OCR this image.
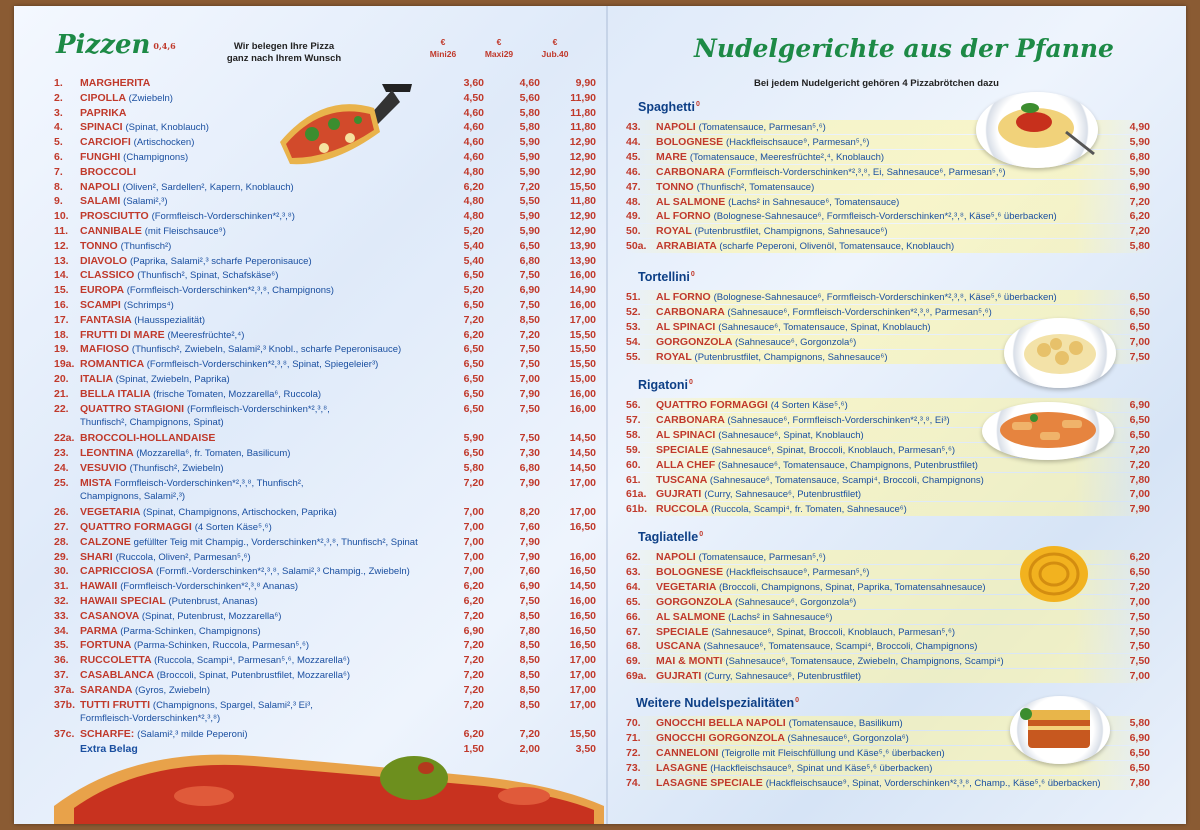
Pizzen 0,4,6	Wir belegen Ihre Pizza
ganz nach Ihrem Wunsch
€
Mini26
€
Maxi29
€
Jub.40
1. MARGHERITA	3,60	4,60	9,90
2. CIPOLLA (Zwiebeln)	4,50	5,60	11,90
3. PAPRIKA	4,60	5,80	11,80
4. SPINACI (Spinat, Knoblauch)	4,60	5,80	11,80
5. CARCIOFI (Artischocken)	4,60	5,90	12,90
6. FUNGHI (Champignons)	4,60	5,90	12,90
7. BROCCOLI	4,80	5,90	12,90
8. NAPOLI (Oliven², Sardellen², Kapern, Knoblauch)	6,20	7,20	15,50
9. SALAMI (Salami²,³)	4,80	5,50	11,80
10. PROSCIUTTO (Formfleisch-Vorderschinken*²,³,⁸)	4,80	5,90	12,90
11. CANNIBALE (mit Fleischsauce⁹)	5,20	5,90	12,90
12. TONNO (Thunfisch²)	5,40	6,50	13,90
13. DIAVOLO (Paprika, Salami²,³ scharfe Peperonisauce)	5,40	6,80	13,90
14. CLASSICO (Thunfisch², Spinat, Schafskäse⁶)	6,50	7,50	16,00
15. EUROPA (Formfleisch-Vorderschinken*²,³,⁸, Champignons)	5,20	6,90	14,90
16. SCAMPI (Schrimps⁴)	6,50	7,50	16,00
17. FANTASIA (Hausspezialität)	7,20	8,50	17,00
18. FRUTTI DI MARE (Meeresfrüchte²,⁴)	6,20	7,20	15,50
19. MAFIOSO (Thunfisch², Zwiebeln, Salami²,³ Knobl., scharfe Peperonisauce)	6,50	7,50	15,50
19a. ROMANTICA (Formfleisch-Vorderschinken*²,³,⁸, Spinat, Spiegeleier³)	6,50	7,50	15,50
20. ITALIA (Spinat, Zwiebeln, Paprika)	6,50	7,00	15,00
21. BELLA ITALIA (frische Tomaten, Mozzarella⁶, Ruccola)	6,50	7,90	16,00
22. QUATTRO STAGIONI (Formfleisch-Vorderschinken*²,³,⁸,	6,50	7,50	16,00
Thunfisch², Champignons, Spinat)
22a. BROCCOLI-HOLLANDAISE	5,90	7,50	14,50
23. LEONTINA (Mozzarella⁶, fr. Tomaten, Basilicum)	6,50	7,30	14,50
24. VESUVIO (Thunfisch², Zwiebeln)	5,80	6,80	14,50
25. MISTA Formfleisch-Vorderschinken*²,³,⁸, Thunfisch²,	7,20	7,90	17,00
Champignons, Salami²,³)
26. VEGETARIA (Spinat, Champignons, Artischocken, Paprika)	7,00	8,20	17,00
27. QUATTRO FORMAGGI (4 Sorten Käse⁵,⁶)	7,00	7,60	16,50
28. CALZONE gefüllter Teig mit Champig., Vorderschinken*²,³,⁸, Thunfisch², Spinat	7,00	7,90
29. SHARI (Ruccola, Oliven², Parmesan⁵,⁶)	7,00	7,90	16,00
30. CAPRICCIOSA (Formfl.-Vorderschinken*²,³,⁸, Salami²,³ Champig., Zwiebeln)	7,00	7,60	16,50
31. HAWAII (Formfleisch-Vorderschinken*²,³,⁸ Ananas)	6,20	6,90	14,50
32. HAWAII SPECIAL (Putenbrust, Ananas)	6,20	7,50	16,00
33. CASANOVA (Spinat, Putenbrust, Mozzarella⁶)	7,20	8,50	16,50
34. PARMA (Parma-Schinken, Champignons)	6,90	7,80	16,50
35. FORTUNA (Parma-Schinken, Ruccola, Parmesan⁵,⁶)	7,20	8,50	16,50
36. RUCCOLETTA (Ruccola, Scampi⁴, Parmesan⁵,⁶, Mozzarella⁶)	7,20	8,50	17,00
37. CASABLANCA (Broccoli, Spinat, Putenbrustfilet, Mozzarella⁶)	7,20	8,50	17,00
37a. SARANDA (Gyros, Zwiebeln)	7,20	8,50	17,00
37b. TUTTI FRUTTI (Champignons, Spargel, Salami²,³ Ei³,	7,20	8,50	17,00
Formfleisch-Vorderschinken*²,³,⁸)
37c. SCHARFE: (Salami²,³ milde Peperoni)	6,20	7,20	15,50
Extra Belag	1,50	2,00	3,50
Nudelgerichte aus der Pfanne
Bei jedem Nudelgericht gehören 4 Pizzabrötchen dazu
Spaghetti$^0$
43. NAPOLI (Tomatensauce, Parmesan⁵,⁶)	4,90
44. BOLOGNESE (Hackfleischsauce⁹, Parmesan⁵,⁶)	5,90
45. MARE (Tomatensauce, Meeresfrüchte²,⁴, Knoblauch)	6,80
46. CARBONARA (Formfleisch-Vorderschinken*²,³,⁸, Ei, Sahnesauce⁶, Parmesan⁵,⁶)	5,90
47. TONNO (Thunfisch², Tomatensauce)	6,90
48. AL SALMONE (Lachs² in Sahnesauce⁶, Tomatensauce)	7,20
49. AL FORNO (Bolognese-Sahnesauce⁶, Formfleisch-Vorderschinken*²,³,⁸, Käse⁵,⁶ überbacken)	6,20
50. ROYAL (Putenbrustfilet, Champignons, Sahnesauce⁶)	7,20
50a. ARRABIATA (scharfe Peperoni, Olivenöl, Tomatensauce, Knoblauch)	5,80
Tortellini$^0$
51. AL FORNO (Bolognese-Sahnesauce⁶, Formfleisch-Vorderschinken*²,³,⁸, Käse⁵,⁶ überbacken)	6,50
52. CARBONARA (Sahnesauce⁶, Formfleisch-Vorderschinken*²,³,⁸, Parmesan⁵,⁶)	6,50
53. AL SPINACI (Sahnesauce⁶, Tomatensauce, Spinat, Knoblauch)	6,50
54. GORGONZOLA (Sahnesauce⁶, Gorgonzola⁶)	7,00
55. ROYAL (Putenbrustfilet, Champignons, Sahnesauce⁶)	7,50
Rigatoni$^0$
56. QUATTRO FORMAGGI (4 Sorten Käse⁵,⁶)	6,90
57. CARBONARA (Sahnesauce⁶, Formfleisch-Vorderschinken*²,³,⁸, Ei³)	6,50
58. AL SPINACI (Sahnesauce⁶, Spinat, Knoblauch)	6,50
59. SPECIALE (Sahnesauce⁶, Spinat, Broccoli, Knoblauch, Parmesan⁵,⁶)	7,20
60. ALLA CHEF (Sahnesauce⁶, Tomatensauce, Champignons, Putenbrustfilet)	7,20
61. TUSCANA (Sahnesauce⁶, Tomatensauce, Scampi⁴, Broccoli, Champignons)	7,80
61a. GUJRATI (Curry, Sahnesauce⁶, Putenbrustfilet)	7,00
61b. RUCCOLA (Ruccola, Scampi⁴, fr. Tomaten, Sahnesauce⁶)	7,90
Tagliatelle$^0$
62. NAPOLI (Tomatensauce, Parmesan⁵,⁶)	6,20
63. BOLOGNESE (Hackfleischsauce⁹, Parmesan⁵,⁶)	6,50
64. VEGETARIA (Broccoli, Champignons, Spinat, Paprika, Tomatensahnesauce)	7,20
65. GORGONZOLA (Sahnesauce⁶, Gorgonzola⁶)	7,00
66. AL SALMONE (Lachs² in Sahnesauce⁶)	7,50
67. SPECIALE (Sahnesauce⁶, Spinat, Broccoli, Knoblauch, Parmesan⁵,⁶)	7,50
68. USCANA (Sahnesauce⁶, Tomatensauce, Scampi⁴, Broccoli, Champignons)	7,50
69. MAI & MONTI (Sahnesauce⁶, Tomatensauce, Zwiebeln, Champignons, Scampi⁴)	7,50
69a. GUJRATI (Curry, Sahnesauce⁶, Putenbrustfilet)	7,00
Weitere Nudelspezialitäten$^0$
70. GNOCCHI BELLA NAPOLI (Tomatensauce, Basilikum)	5,80
71. GNOCCHI GORGONZOLA (Sahnesauce⁶, Gorgonzola⁶)	6,90
72. CANNELONI (Teigrolle mit Fleischfüllung und Käse⁵,⁶ überbacken)	6,50
73. LASAGNE (Hackfleischsauce⁹, Spinat und Käse⁵,⁶ überbacken)	6,50
74. LASAGNE SPECIALE (Hackfleischsauce⁹, Spinat, Vorderschinken*²,³,⁸, Champ., Käse⁵,⁶ überbacken)	7,80
